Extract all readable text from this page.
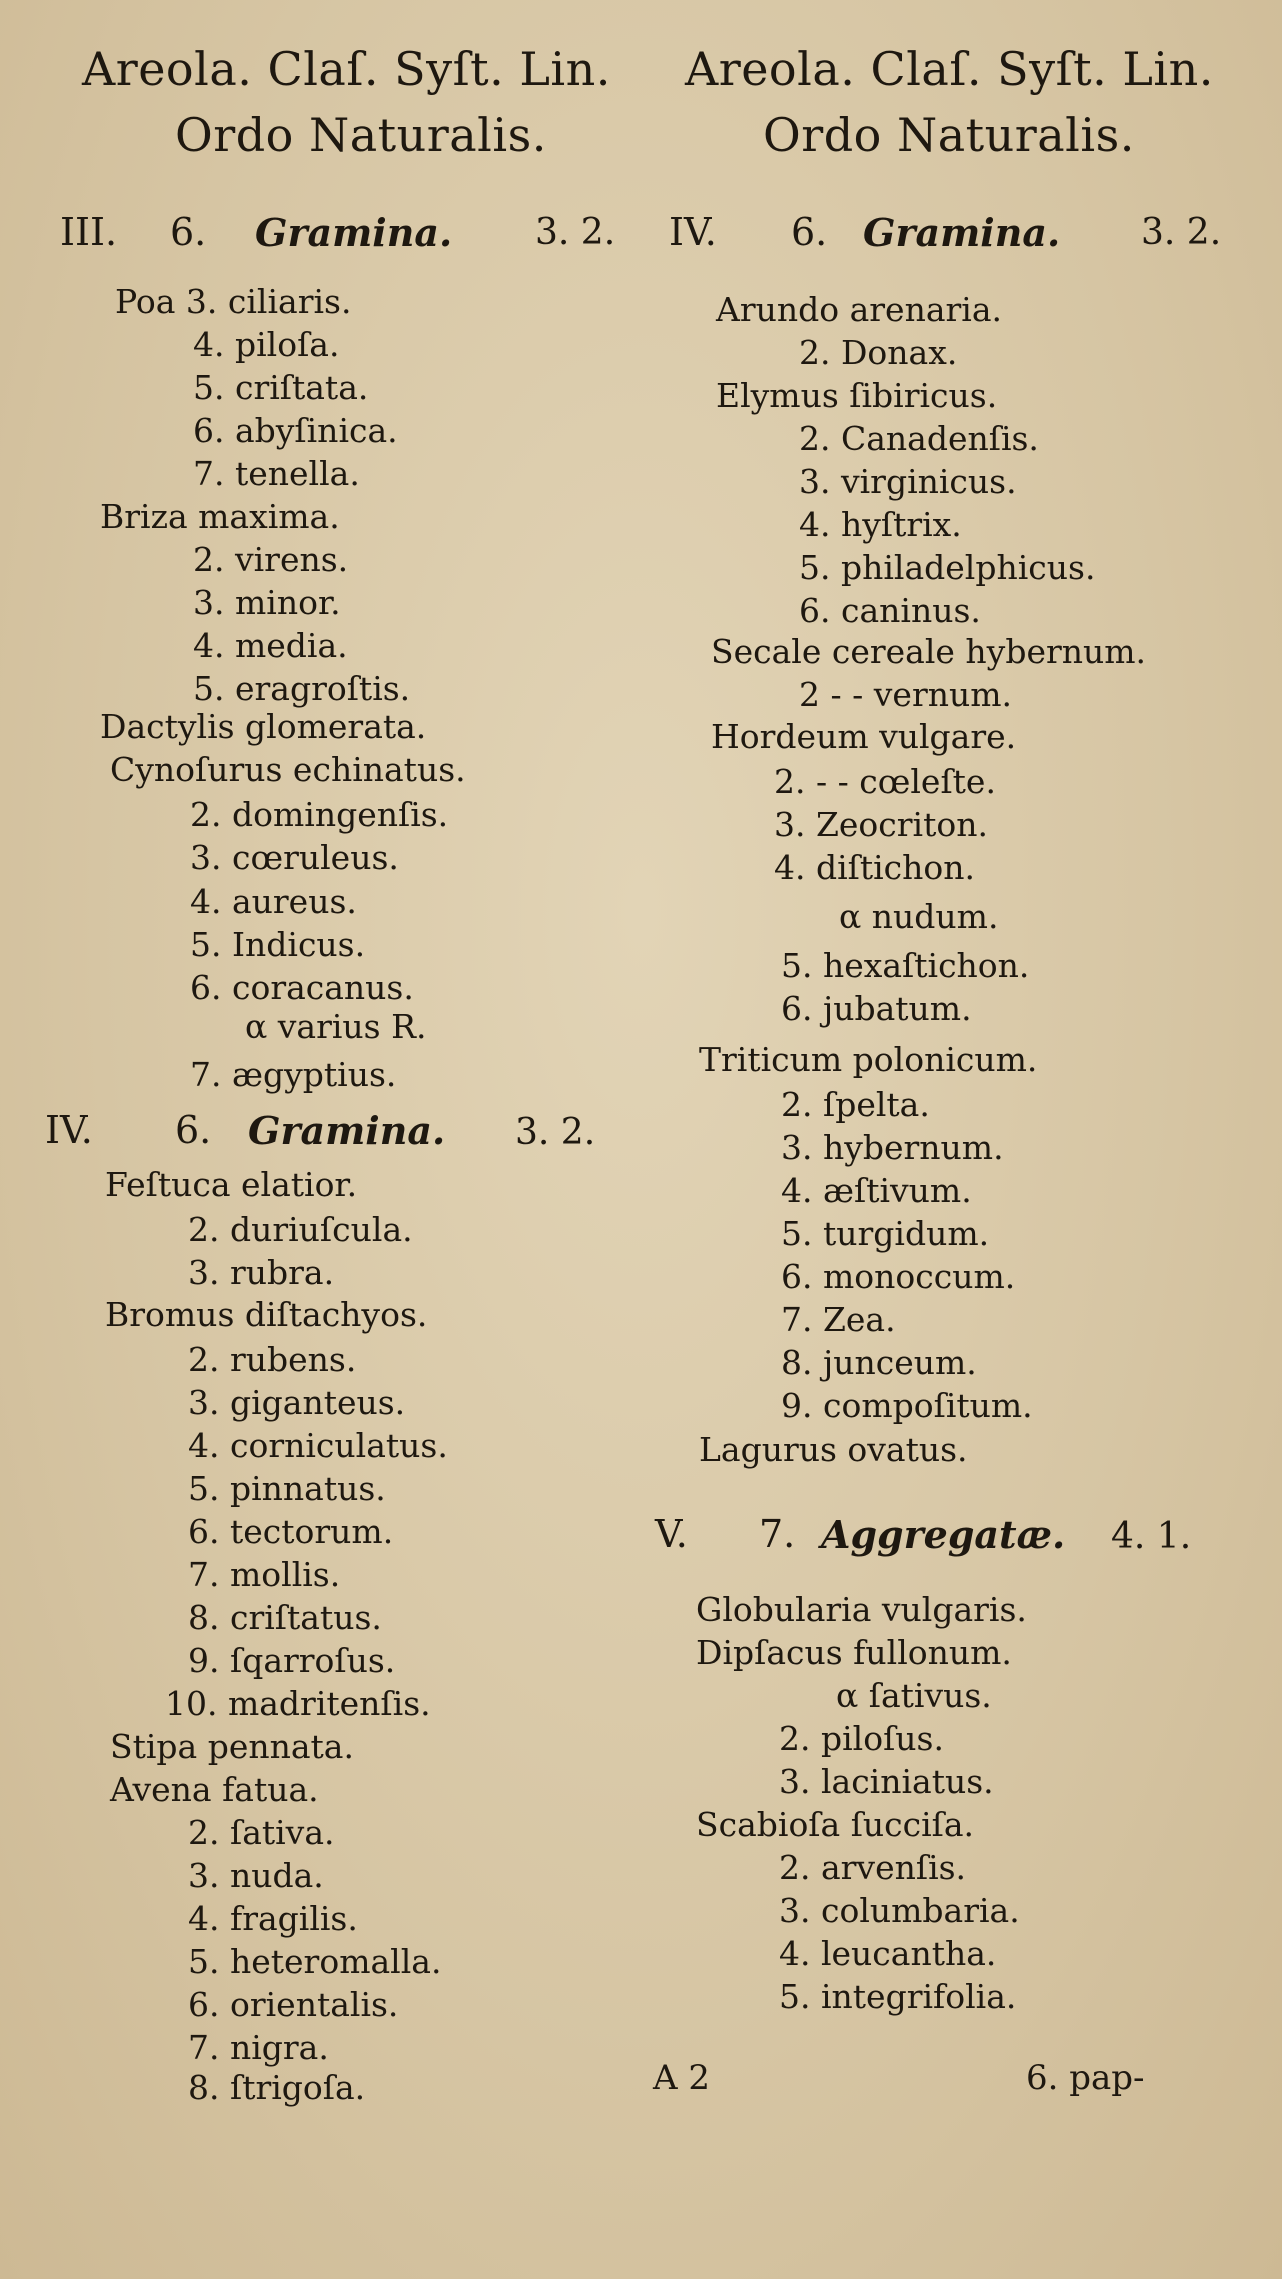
Areola. Claſ. Syſt. Lin.
Ordo Naturalis.
III. 6. Gramina. 3. 2.
Poa 3. ciliaris.
4. piloſa.
5. criſtata.
6. abyſinica.
7. tenella.
Briza maxima.
2. virens.
3. minor.
4. media.
5. eragroſtis.
Dactylis glomerata.
Cynoſurus echinatus.
2. domingenſis.
3. cœruleus.
4. aureus.
5. Indicus.
6. coracanus.
α varius R.
7. ægyptius.
IV. 6. Gramina. 3. 2.
Feſtuca elatior.
2. duriuſcula.
3. rubra.
Bromus diſtachyos.
2. rubens.
3. giganteus.
4. corniculatus.
5. pinnatus.
6. tectorum.
7. mollis.
8. criſtatus.
9. ſqarroſus.
10. madritenſis.
Stipa pennata.
Avena fatua.
2. ſativa.
3. nuda.
4. fragilis.
5. heteromalla.
6. orientalis.
7. nigra.
8. ſtrigoſa.
Areola. Claſ. Syſt. Lin.
Ordo Naturalis.
IV. 6. Gramina. 3. 2.
Arundo arenaria.
2. Donax.
Elymus ſibiricus.
2. Canadenſis.
3. virginicus.
4. hyſtrix.
5. philadelphicus.
6. caninus.
Secale cereale hybernum.
2 - - vernum.
Hordeum vulgare.
2. - - cœleſte.
3. Zeocriton.
4. diſtichon.
α nudum.
5. hexaſtichon.
6. jubatum.
Triticum polonicum.
2. ſpelta.
3. hybernum.
4. æſtivum.
5. turgidum.
6. monoccum.
7. Zea.
8. junceum.
9. compoſitum.
Lagurus ovatus.
V. 7. Aggregatæ. 4. 1.
Globularia vulgaris.
Dipſacus fullonum.
α ſativus.
2. piloſus.
3. laciniatus.
Scabioſa ſucciſa.
2. arvenſis.
3. columbaria.
4. leucantha.
5. integrifolia.
A 2	6. pap-
